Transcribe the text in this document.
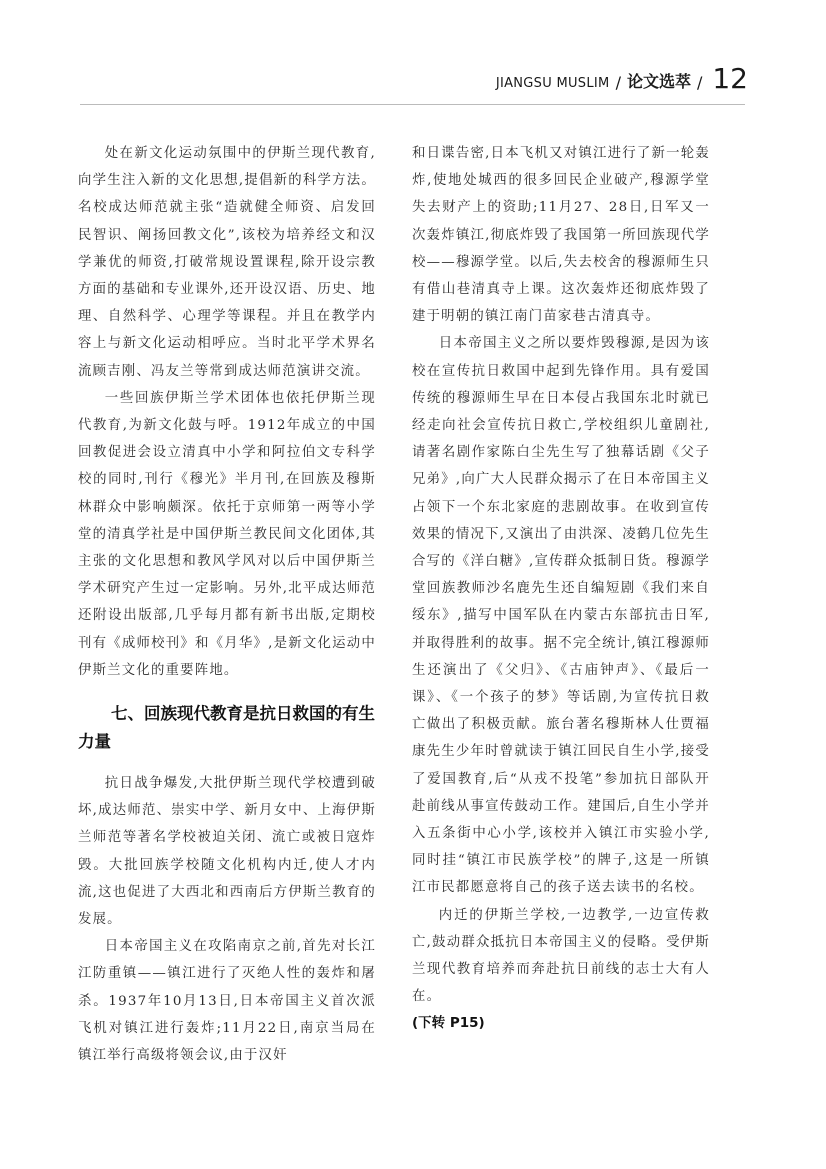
JIANGSU MUSLIM / 论文选萃 / 12

处在新文化运动氛围中的伊斯兰现代教育,向学生注入新的文化思想,提倡新的科学方法。名校成达师范就主张“造就健全师资、启发回民智识、阐扬回教文化”,该校为培养经文和汉学兼优的师资,打破常规设置课程,除开设宗教方面的基础和专业课外,还开设汉语、历史、地理、自然科学、心理学等课程。并且在教学内容上与新文化运动相呼应。当时北平学术界名流顾吉刚、冯友兰等常到成达师范演讲交流。

一些回族伊斯兰学术团体也依托伊斯兰现代教育,为新文化鼓与呼。1912年成立的中国回教促进会设立清真中小学和阿拉伯文专科学校的同时,刊行《穆光》半月刊,在回族及穆斯林群众中影响颇深。依托于京师第一两等小学堂的清真学社是中国伊斯兰教民间文化团体,其主张的文化思想和教风学风对以后中国伊斯兰学术研究产生过一定影响。另外,北平成达师范还附设出版部,几乎每月都有新书出版,定期校刊有《成师校刊》和《月华》,是新文化运动中伊斯兰文化的重要阵地。

七、回族现代教育是抗日救国的有生力量

抗日战争爆发,大批伊斯兰现代学校遭到破坏,成达师范、崇实中学、新月女中、上海伊斯兰师范等著名学校被迫关闭、流亡或被日寇炸毁。大批回族学校随文化机构内迁,使人才内流,这也促进了大西北和西南后方伊斯兰教育的发展。

日本帝国主义在攻陷南京之前,首先对长江江防重镇——镇江进行了灭绝人性的轰炸和屠杀。1937年10月13日,日本帝国主义首次派飞机对镇江进行轰炸;11月22日,南京当局在镇江举行高级将领会议,由于汉奸

和日谍告密,日本飞机又对镇江进行了新一轮轰炸,使地处城西的很多回民企业破产,穆源学堂失去财产上的资助;11月27、28日,日军又一次轰炸镇江,彻底炸毁了我国第一所回族现代学校——穆源学堂。以后,失去校舍的穆源师生只有借山巷清真寺上课。这次轰炸还彻底炸毁了建于明朝的镇江南门苗家巷古清真寺。

日本帝国主义之所以要炸毁穆源,是因为该校在宣传抗日救国中起到先锋作用。具有爱国传统的穆源师生早在日本侵占我国东北时就已经走向社会宣传抗日救亡,学校组织儿童剧社,请著名剧作家陈白尘先生写了独幕话剧《父子兄弟》,向广大人民群众揭示了在日本帝国主义占领下一个东北家庭的悲剧故事。在收到宣传效果的情况下,又演出了由洪深、凌鹤几位先生合写的《洋白糖》,宣传群众抵制日货。穆源学堂回族教师沙名鹿先生还自编短剧《我们来自绥东》,描写中国军队在内蒙古东部抗击日军,并取得胜利的故事。据不完全统计,镇江穆源师生还演出了《父归》、《古庙钟声》、《最后一课》、《一个孩子的梦》等话剧,为宣传抗日救亡做出了积极贡献。旅台著名穆斯林人仕贾福康先生少年时曾就读于镇江回民自生小学,接受了爱国教育,后“从戎不投笔”参加抗日部队开赴前线从事宣传鼓动工作。建国后,自生小学并入五条街中心小学,该校并入镇江市实验小学,同时挂“镇江市民族学校”的牌子,这是一所镇江市民都愿意将自己的孩子送去读书的名校。

内迁的伊斯兰学校,一边教学,一边宣传救亡,鼓动群众抵抗日本帝国主义的侵略。受伊斯兰现代教育培养而奔赴抗日前线的志士大有人在。

(下转 P15)
